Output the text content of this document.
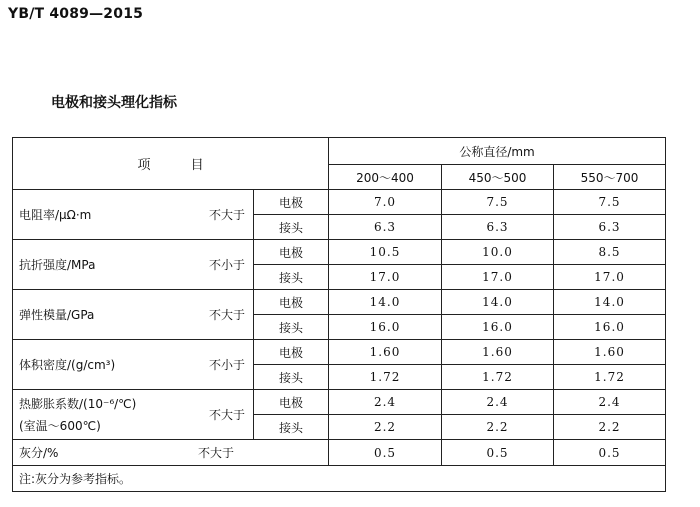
YB/T 4089—2015
电极和接头理化指标
项 目		公称直径/mm		
		200～400	450～500	550～700

电阻率/μΩ·m 不大于	电极	7.0	7.5	7.5
	接头	6.3	6.3	6.3

抗折强度/MPa 不小于	电极	10.5	10.0	8.5
	接头	17.0	17.0	17.0

弹性模量/GPa 不大于	电极	14.0	14.0	14.0
	接头	16.0	16.0	16.0

体积密度/(g/cm³) 不小于	电极	1.60	1.60	1.60
	接头	1.72	1.72	1.72

热膨胀系数/(10⁻⁶/℃)
(室温～600℃)
不大于	电极	2.4	2.4	2.4
	接头	2.2	2.2	2.2

灰分/% 不大于		0.5	0.5	0.5
注:灰分为参考指标。				
